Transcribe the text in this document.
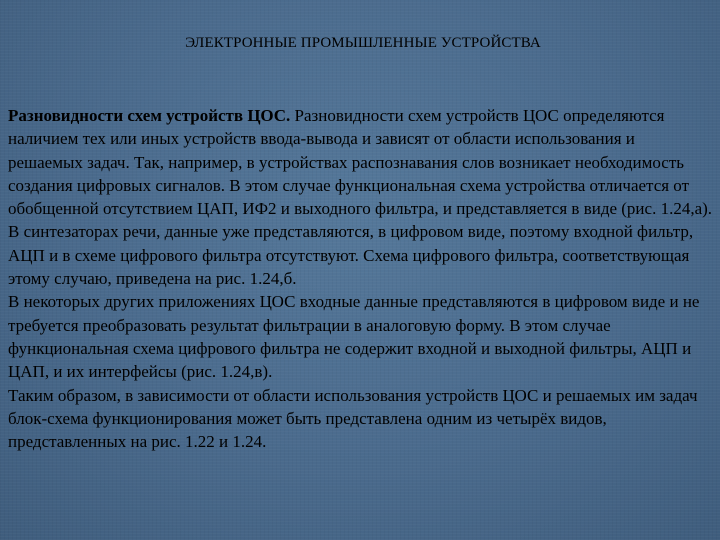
ЭЛЕКТРОННЫЕ ПРОМЫШЛЕННЫЕ УСТРОЙСТВА

Разновидности схем устройств ЦОС. Разновидности схем устройств ЦОС определяются наличием тех или иных устройств ввода-вывода и зависят от области использования и решаемых задач. Так, например, в устройствах распознавания слов возникает необходимость создания цифровых сигналов. В этом случае функциональная схема устройства отличается от обобщенной отсутствием ЦАП, ИФ2 и выходного фильтра, и представляется в виде (рис. 1.24,а).

В синтезаторах речи, данные уже представляются, в цифровом виде, поэтому входной фильтр, АЦП и в схеме цифрового фильтра отсутствуют. Схема цифрового фильтра, соответствующая этому случаю, приведена на рис. 1.24,б.

В некоторых других приложениях ЦОС входные данные представляются в цифровом виде и не требуется преобразовать результат фильтрации в аналоговую форму. В этом случае функциональная схема цифрового фильтра не содержит входной и выходной фильтры, АЦП и ЦАП, и их интерфейсы (рис. 1.24,в).

Таким образом, в зависимости от области использования устройств ЦОС и решаемых им задач блок-схема функционирования может быть представлена одним из четырёх видов, представленных на рис. 1.22 и 1.24.
